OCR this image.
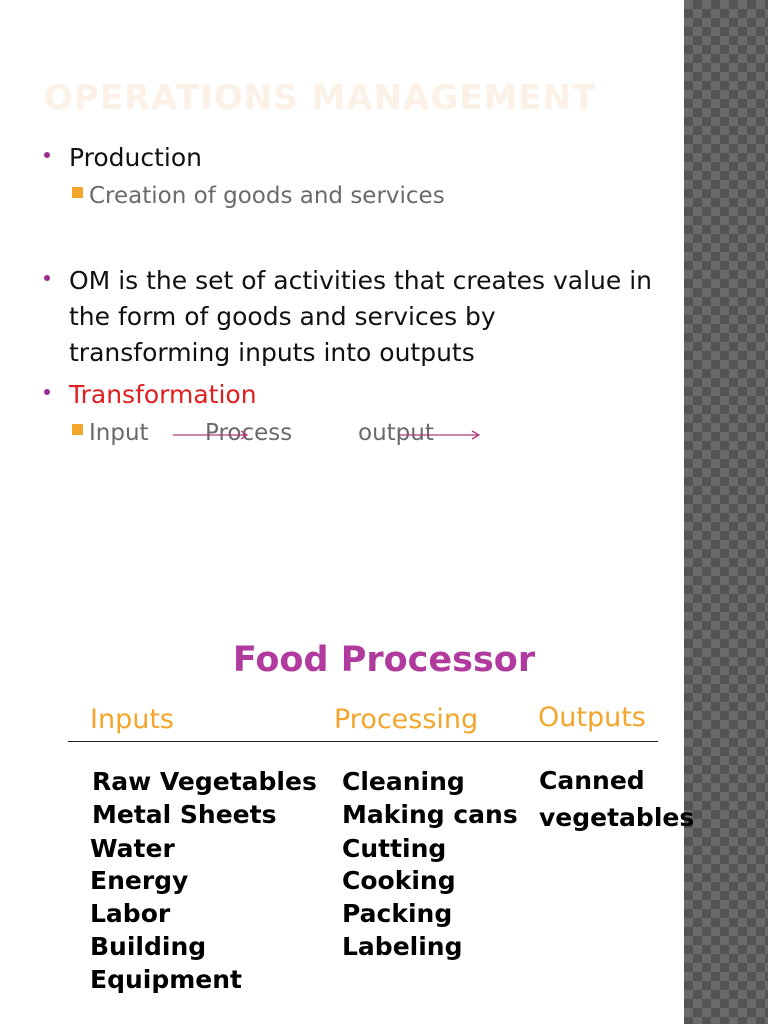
OPERATIONS MANAGEMENT
Production
Creation of goods and services
OM is the set of activities that creates value in the form of goods and services by transforming inputs into outputs
Transformation
Input Process	output
Food Processor
Inputs	Processing Outputs
Raw Vegetables
Metal Sheets
Water
Energy
Labor
Building
Equipment
Cleaning
Making cans
Cutting
Cooking
Packing
Labeling
Canned
vegetables
